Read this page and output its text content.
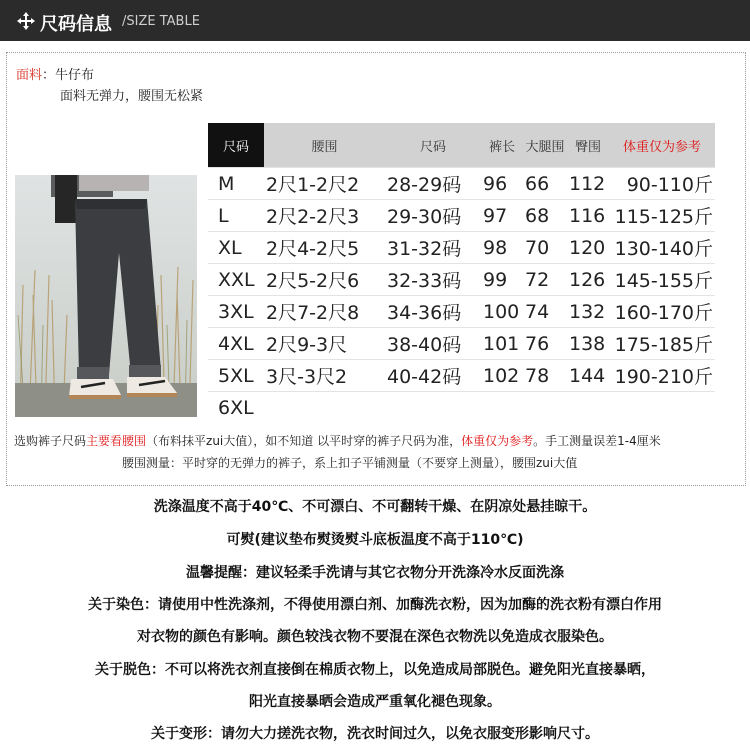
尺码信息 /SIZE TABLE
面料：牛仔布
面料无弹力，腰围无松紧
尺码	腰围	尺码	裤长	大腿围	臀围	体重仅为参考
M	2尺1-2尺2	28-29码	96	66	112	90-110斤
L	2尺2-2尺3	29-30码	97	68	116	115-125斤
XL	2尺4-2尺5	31-32码	98	70	120	130-140斤
XXL	2尺5-2尺6	32-33码	99	72	126	145-155斤
3XL	2尺7-2尺8	34-36码	100	74	132	160-170斤
4XL	2尺9-3尺	38-40码	101	76	138	175-185斤
5XL	3尺-3尺2	40-42码	102	78	144	190-210斤
6XL						
选购裤子尺码主要看腰围（布料抹平zui大值），如不知道 以平时穿的裤子尺码为准，体重仅为参考。手工测量误差1-4厘米
腰围测量：平时穿的无弹力的裤子，系上扣子平铺测量（不要穿上测量），腰围zui大值
洗涤温度不高于40℃、不可漂白、不可翻转干燥、在阴凉处悬挂晾干。
可熨(建议垫布熨烫熨斗底板温度不高于110℃)
温馨提醒：建议轻柔手洗请与其它衣物分开洗涤冷水反面洗涤
关于染色：请使用中性洗涤剂，不得使用漂白剂、加酶洗衣粉，因为加酶的洗衣粉有漂白作用
对衣物的颜色有影响。颜色较浅衣物不要混在深色衣物洗以免造成衣服染色。
关于脱色：不可以将洗衣剂直接倒在棉质衣物上，以免造成局部脱色。避免阳光直接暴晒，
阳光直接暴晒会造成严重氧化褪色现象。
关于变形：请勿大力搓洗衣物，洗衣时间过久，以免衣服变形影响尺寸。
